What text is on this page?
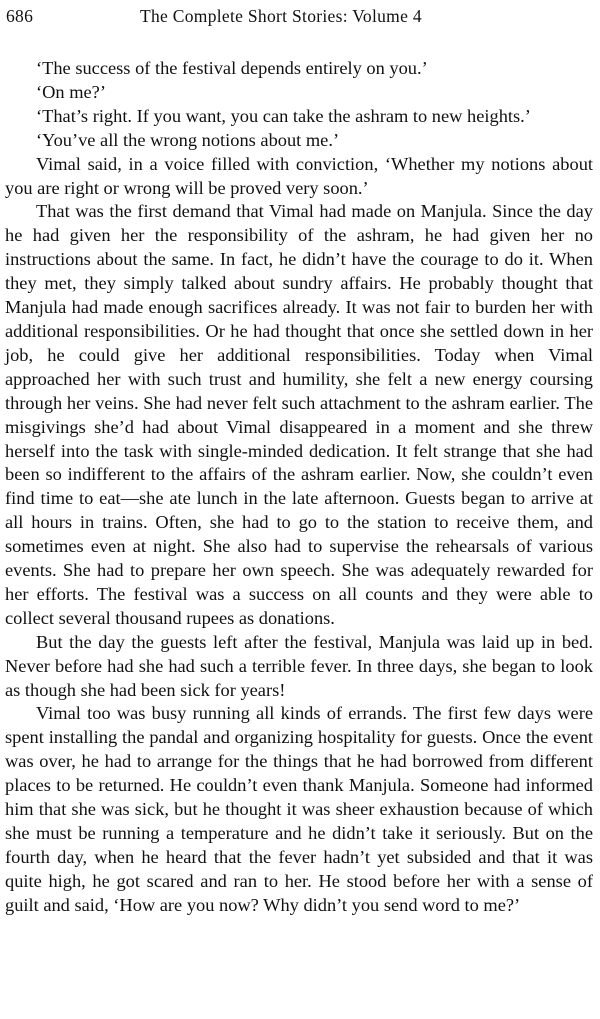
686	The Complete Short Stories: Volume 4

‘The success of the festival depends entirely on you.’

‘On me?’

‘That’s right. If you want, you can take the ashram to new heights.’

‘You’ve all the wrong notions about me.’

Vimal said, in a voice filled with conviction, ‘Whether my notions about you are right or wrong will be proved very soon.’

That was the first demand that Vimal had made on Manjula. Since the day he had given her the responsibility of the ashram, he had given her no instructions about the same. In fact, he didn’t have the courage to do it. When they met, they simply talked about sundry affairs. He probably thought that Manjula had made enough sacrifices already. It was not fair to burden her with additional responsibilities. Or he had thought that once she settled down in her job, he could give her additional responsibilities. Today when Vimal approached her with such trust and humility, she felt a new energy coursing through her veins. She had never felt such attachment to the ashram earlier. The misgivings she’d had about Vimal disappeared in a moment and she threw herself into the task with single-minded dedication. It felt strange that she had been so indifferent to the affairs of the ashram earlier. Now, she couldn’t even find time to eat—she ate lunch in the late afternoon. Guests began to arrive at all hours in trains. Often, she had to go to the station to receive them, and sometimes even at night. She also had to supervise the rehearsals of various events. She had to prepare her own speech. She was adequately rewarded for her efforts. The festival was a success on all counts and they were able to collect several thousand rupees as donations.

But the day the guests left after the festival, Manjula was laid up in bed. Never before had she had such a terrible fever. In three days, she began to look as though she had been sick for years!

Vimal too was busy running all kinds of errands. The first few days were spent installing the pandal and organizing hospitality for guests. Once the event was over, he had to arrange for the things that he had borrowed from different places to be returned. He couldn’t even thank Manjula. Someone had informed him that she was sick, but he thought it was sheer exhaustion because of which she must be running a temperature and he didn’t take it seriously. But on the fourth day, when he heard that the fever hadn’t yet subsided and that it was quite high, he got scared and ran to her. He stood before her with a sense of guilt and said, ‘How are you now? Why didn’t you send word to me?’
